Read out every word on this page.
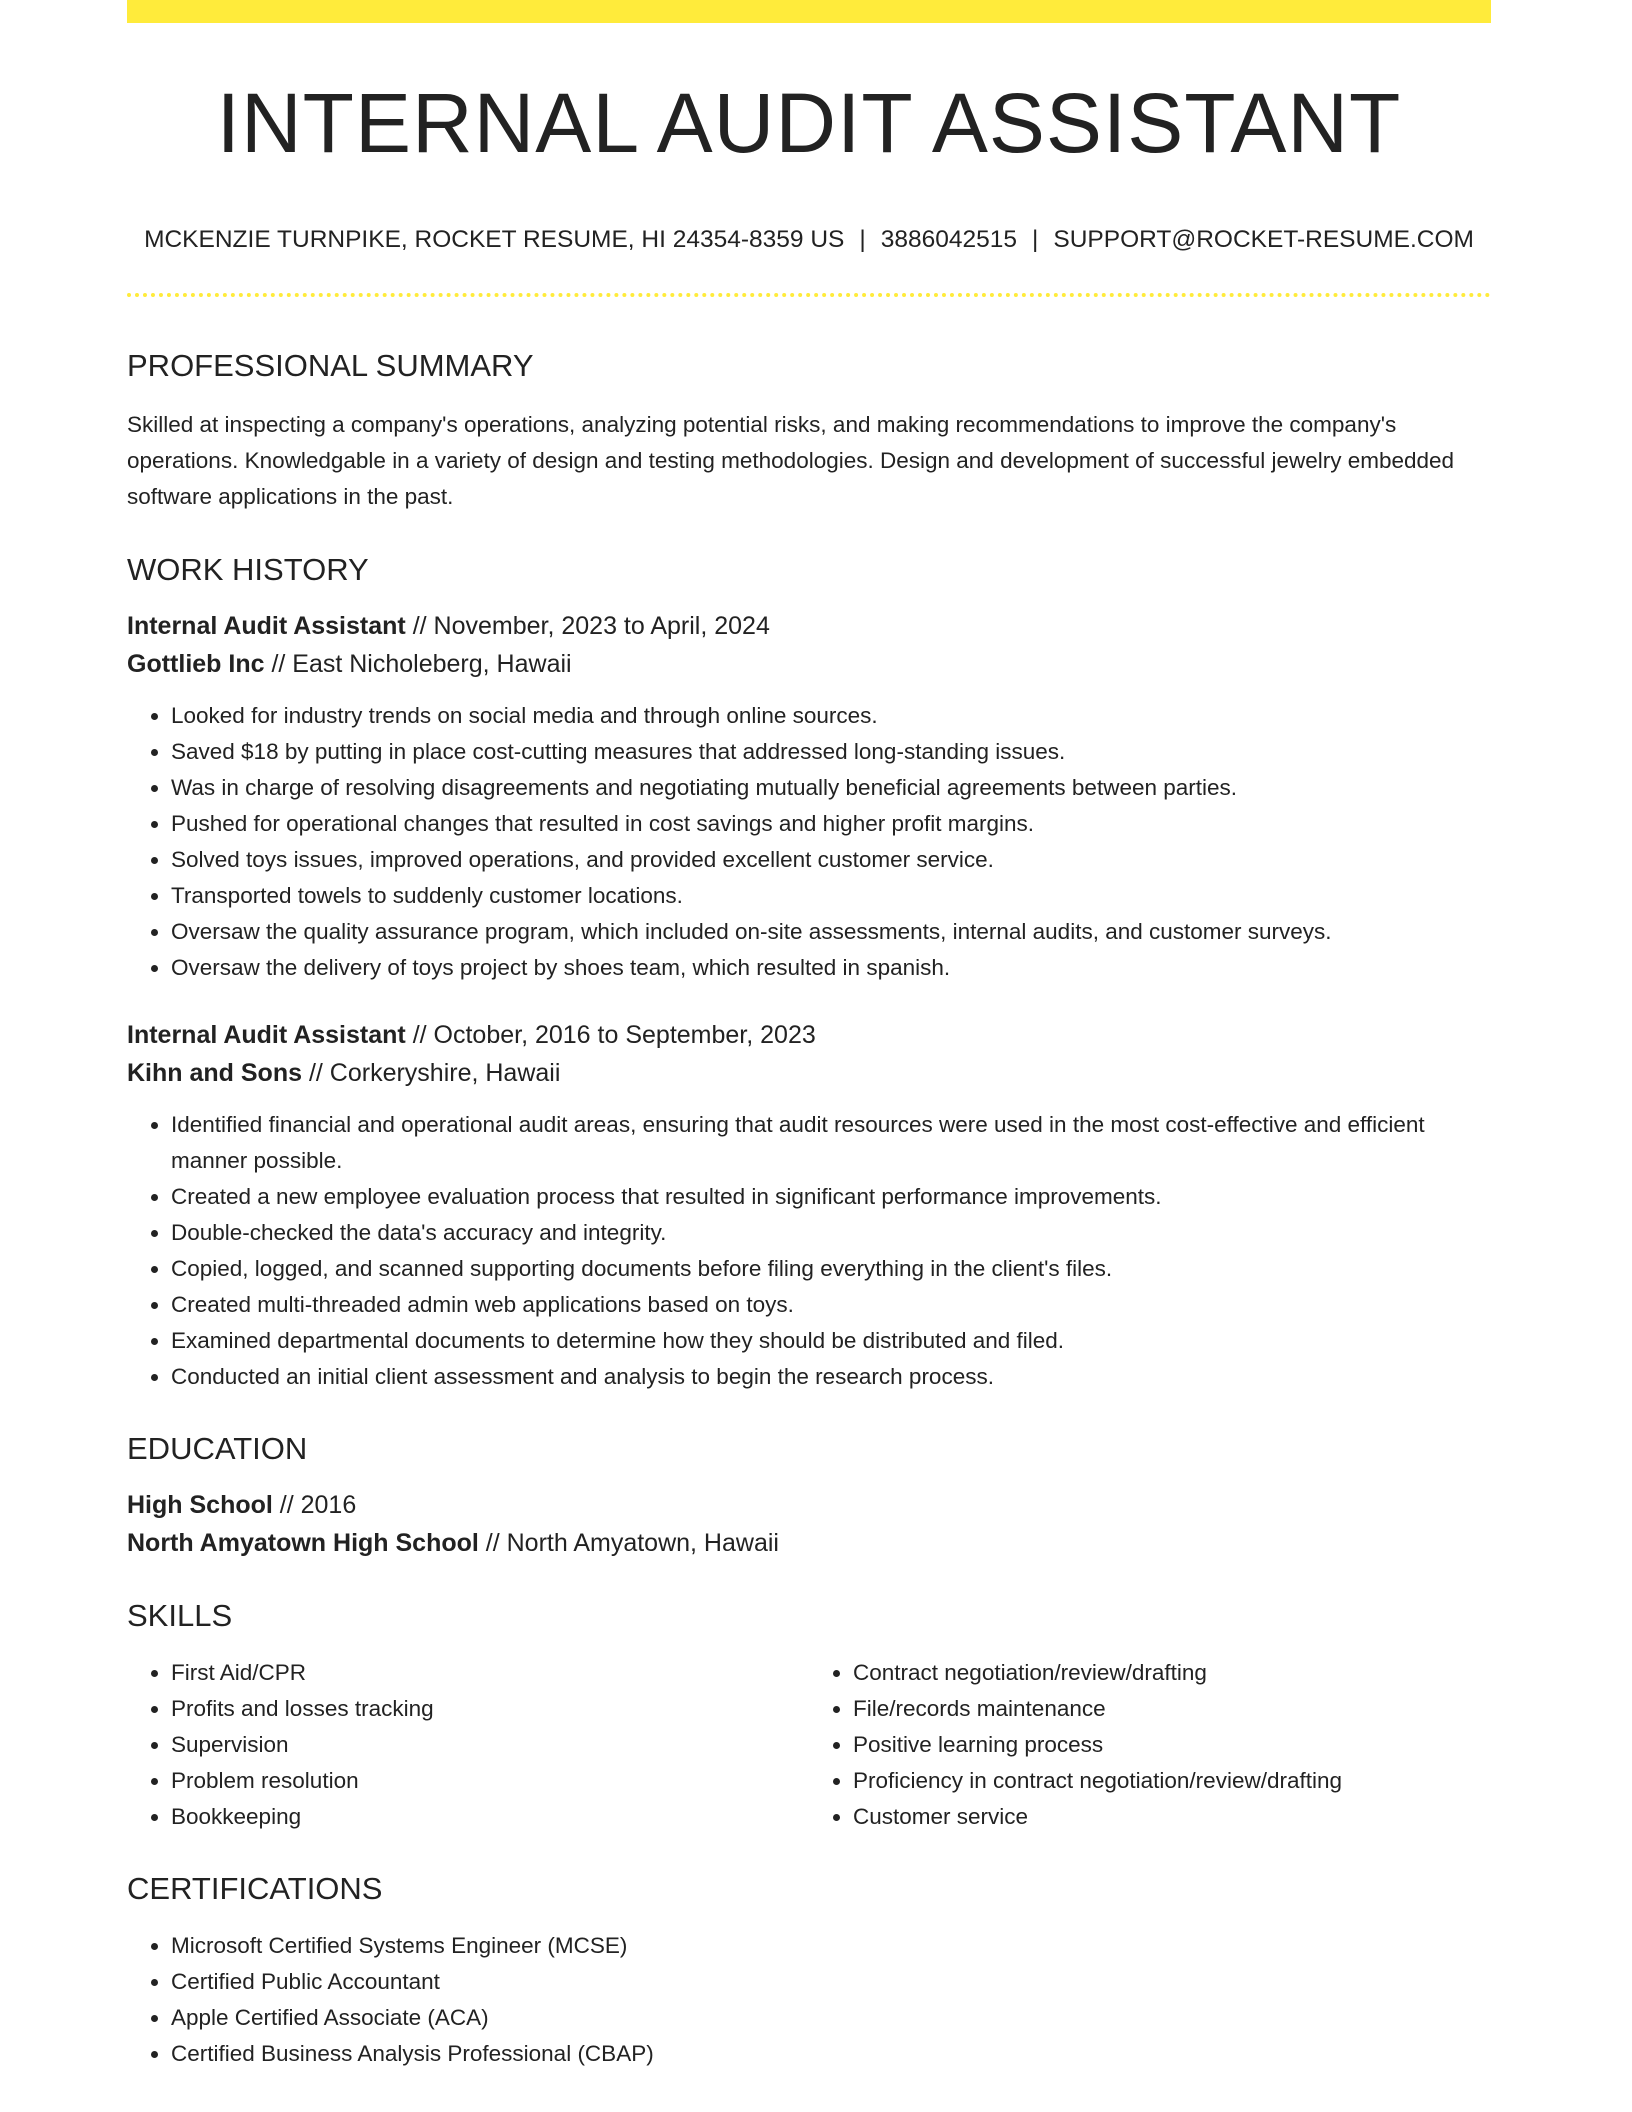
INTERNAL AUDIT ASSISTANT
MCKENZIE TURNPIKE, ROCKET RESUME, HI 24354-8359 US | 3886042515 | SUPPORT@ROCKET-RESUME.COM
PROFESSIONAL SUMMARY
Skilled at inspecting a company's operations, analyzing potential risks, and making recommendations to improve the company's operations. Knowledgable in a variety of design and testing methodologies. Design and development of successful jewelry embedded software applications in the past.
WORK HISTORY
Internal Audit Assistant // November, 2023 to April, 2024
Gottlieb Inc // East Nicholeberg, Hawaii
• Looked for industry trends on social media and through online sources.
• Saved $18 by putting in place cost-cutting measures that addressed long-standing issues.
• Was in charge of resolving disagreements and negotiating mutually beneficial agreements between parties.
• Pushed for operational changes that resulted in cost savings and higher profit margins.
• Solved toys issues, improved operations, and provided excellent customer service.
• Transported towels to suddenly customer locations.
• Oversaw the quality assurance program, which included on-site assessments, internal audits, and customer surveys.
• Oversaw the delivery of toys project by shoes team, which resulted in spanish.
Internal Audit Assistant // October, 2016 to September, 2023
Kihn and Sons // Corkeryshire, Hawaii
• Identified financial and operational audit areas, ensuring that audit resources were used in the most cost-effective and efficient manner possible.
• Created a new employee evaluation process that resulted in significant performance improvements.
• Double-checked the data's accuracy and integrity.
• Copied, logged, and scanned supporting documents before filing everything in the client's files.
• Created multi-threaded admin web applications based on toys.
• Examined departmental documents to determine how they should be distributed and filed.
• Conducted an initial client assessment and analysis to begin the research process.
EDUCATION
High School // 2016
North Amyatown High School // North Amyatown, Hawaii
SKILLS
• First Aid/CPR
• Profits and losses tracking
• Supervision
• Problem resolution
• Bookkeeping
• Contract negotiation/review/drafting
• File/records maintenance
• Positive learning process
• Proficiency in contract negotiation/review/drafting
• Customer service
CERTIFICATIONS
• Microsoft Certified Systems Engineer (MCSE)
• Certified Public Accountant
• Apple Certified Associate (ACA)
• Certified Business Analysis Professional (CBAP)
